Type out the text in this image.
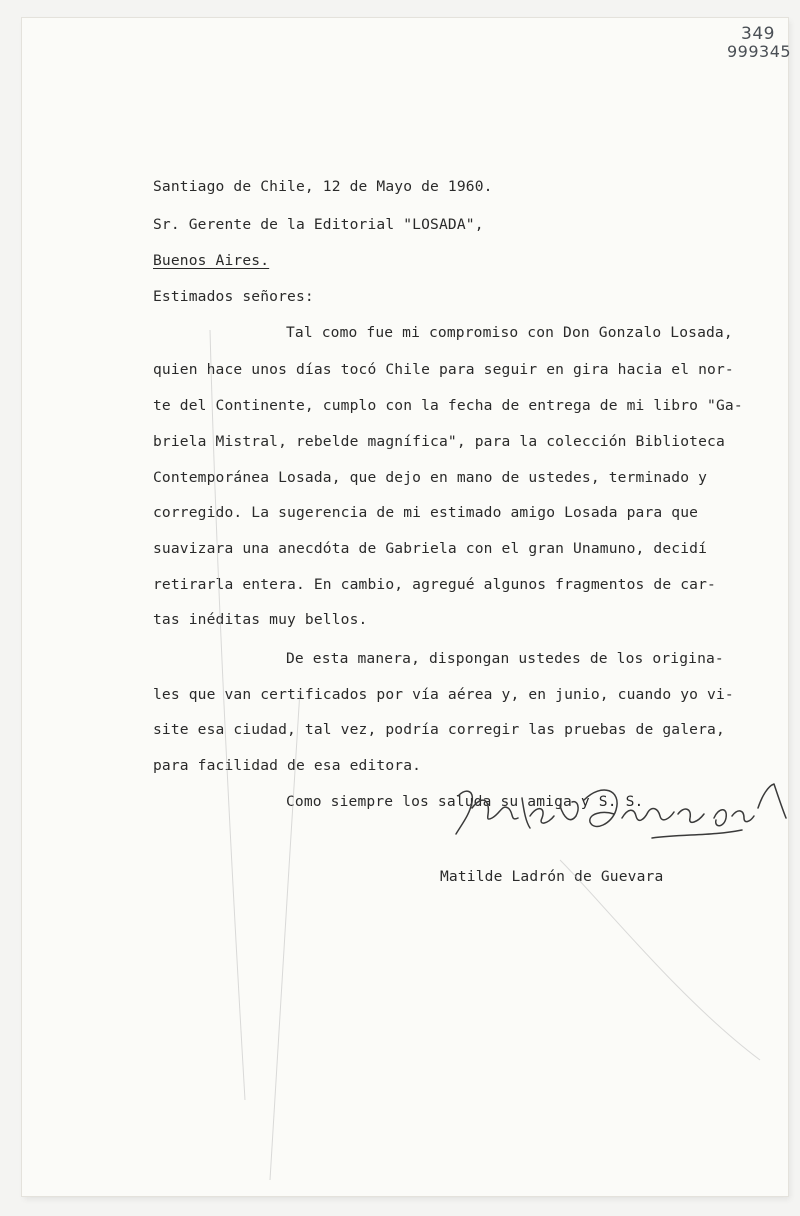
349
999345
Santiago de Chile, 12 de Mayo de 1960.
Sr. Gerente de la Editorial "LOSADA",
Buenos Aires.
Estimados señores:
Tal como fue mi compromiso con Don Gonzalo Losada,
quien hace unos días tocó Chile para seguir en gira hacia el nor-
te del Continente, cumplo con la fecha de entrega de mi libro "Ga-
briela Mistral, rebelde magnífica", para la colección Biblioteca
Contemporánea Losada, que dejo en mano de ustedes, terminado y
corregido. La sugerencia de mi estimado amigo Losada para que
suavizara una anecdóta de Gabriela con el gran Unamuno, decidí
retirarla entera. En cambio, agregué algunos fragmentos de car-
tas inéditas muy bellos.
De esta manera, dispongan ustedes de los origina-
les que van certificados por vía aérea y, en junio, cuando yo vi-
site esa ciudad, tal vez, podría corregir las pruebas de galera,
para facilidad de esa editora.
Como siempre los saluda su amiga y S. S.
Matilde Ladrón de Guevara
